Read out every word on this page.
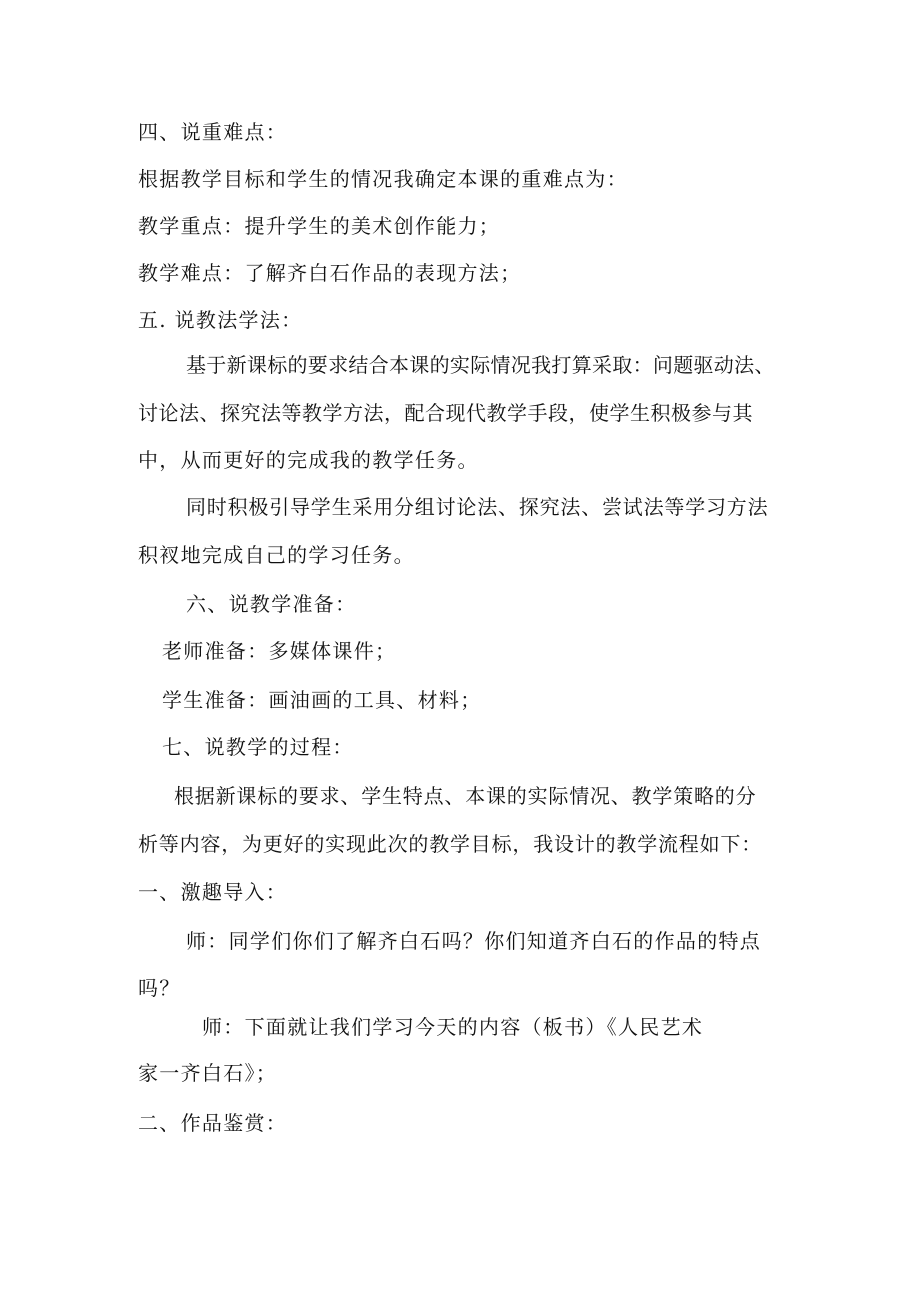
四、说重难点：
根据教学目标和学生的情况我确定本课的重难点为：
教学重点：提升学生的美术创作能力；
教学难点：了解齐白石作品的表现方法；
五. 说教法学法：
基于新课标的要求结合本课的实际情况我打算采取：问题驱动法、
讨论法、探究法等教学方法，配合现代教学手段，使学生积极参与其
中，从而更好的完成我的教学任务。
同时积极引导学生采用分组讨论法、探究法、尝试法等学习方法
积衩地完成自己的学习任务。
六、说教学准备：
老师准备：多媒体课件；
学生准备：画油画的工具、材料；
七、说教学的过程：
根据新课标的要求、学生特点、本课的实际情况、教学策略的分
析等内容，为更好的实现此次的教学目标，我设计的教学流程如下：
一、激趣导入：
师：同学们你们了解齐白石吗？你们知道齐白石的作品的特点
吗？
师：下面就让我们学习今天的内容（板书）《人民艺术
家一齐白石》；
二、作品鉴赏：
